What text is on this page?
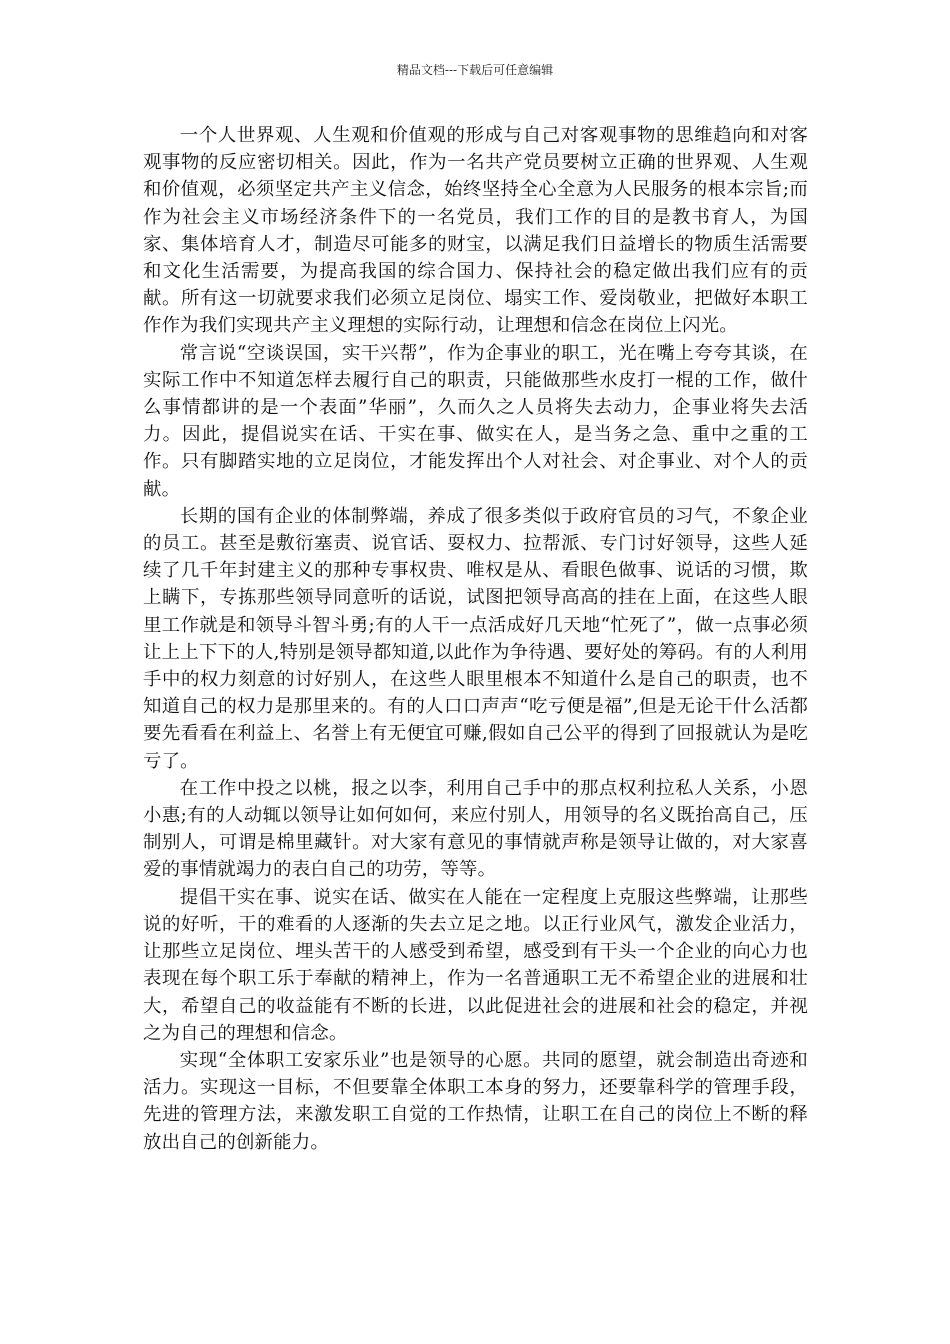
精品文档---下载后可任意编辑

一个人世界观、人生观和价值观的形成与自己对客观事物的思维趋向和对客观事物的反应密切相关。因此，作为一名共产党员要树立正确的世界观、人生观和价值观，必须坚定共产主义信念，始终坚持全心全意为人民服务的根本宗旨;而作为社会主义市场经济条件下的一名党员，我们工作的目的是教书育人，为国家、集体培育人才，制造尽可能多的财宝，以满足我们日益增长的物质生活需要和文化生活需要，为提高我国的综合国力、保持社会的稳定做出我们应有的贡献。所有这一切就要求我们必须立足岗位、塌实工作、爱岗敬业，把做好本职工作作为我们实现共产主义理想的实际行动，让理想和信念在岗位上闪光。

常言说“空谈误国，实干兴帮”，作为企事业的职工，光在嘴上夸夸其谈，在实际工作中不知道怎样去履行自己的职责，只能做那些水皮打一棍的工作，做什么事情都讲的是一个表面”华丽”，久而久之人员将失去动力，企事业将失去活力。因此，提倡说实在话、干实在事、做实在人，是当务之急、重中之重的工作。只有脚踏实地的立足岗位，才能发挥出个人对社会、对企事业、对个人的贡献。

长期的国有企业的体制弊端，养成了很多类似于政府官员的习气，不象企业的员工。甚至是敷衍塞责、说官话、耍权力、拉帮派、专门讨好领导，这些人延续了几千年封建主义的那种专事权贵、唯权是从、看眼色做事、说话的习惯，欺上瞒下，专拣那些领导同意听的话说，试图把领导高高的挂在上面，在这些人眼里工作就是和领导斗智斗勇;有的人干一点活成好几天地“忙死了”，做一点事必须让上上下下的人,特别是领导都知道,以此作为争待遇、要好处的筹码。有的人利用手中的权力刻意的讨好别人，在这些人眼里根本不知道什么是自己的职责，也不知道自己的权力是那里来的。有的人口口声声“吃亏便是福”,但是无论干什么活都要先看看在利益上、名誉上有无便宜可赚,假如自己公平的得到了回报就认为是吃亏了。

在工作中投之以桃，报之以李，利用自己手中的那点权利拉私人关系，小恩小惠;有的人动辄以领导让如何如何，来应付别人，用领导的名义既抬高自己，压制别人，可谓是棉里藏针。对大家有意见的事情就声称是领导让做的，对大家喜爱的事情就竭力的表白自己的功劳，等等。

提倡干实在事、说实在话、做实在人能在一定程度上克服这些弊端，让那些说的好听，干的难看的人逐渐的失去立足之地。以正行业风气，激发企业活力，让那些立足岗位、埋头苦干的人感受到希望，感受到有干头一个企业的向心力也表现在每个职工乐于奉献的精神上，作为一名普通职工无不希望企业的进展和壮大，希望自己的收益能有不断的长进，以此促进社会的进展和社会的稳定，并视之为自己的理想和信念。

实现“全体职工安家乐业”也是领导的心愿。共同的愿望，就会制造出奇迹和活力。实现这一目标，不但要靠全体职工本身的努力，还要靠科学的管理手段，先进的管理方法，来激发职工自觉的工作热情，让职工在自己的岗位上不断的释放出自己的创新能力。
